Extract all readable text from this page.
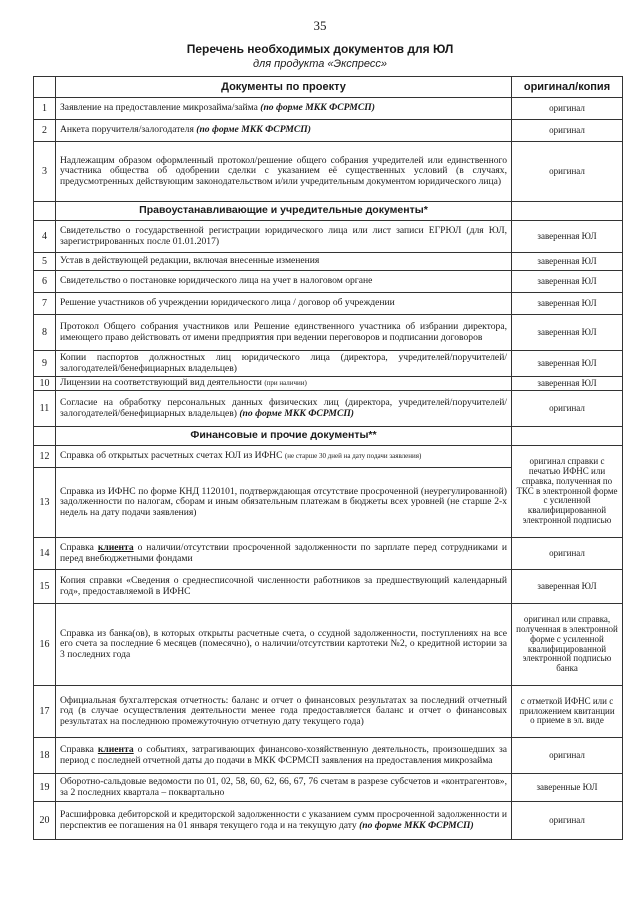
35
Перечень необходимых документов для ЮЛ
для продукта «Экспресс»
	Документы по проекту	оригинал/копия
1	Заявление на предоставление микрозайма/займа (по форме МКК ФСРМСП)	оригинал
2	Анкета поручителя/залогодателя (по форме МКК ФСРМСП)	оригинал
3	Надлежащим образом оформленный протокол/решение общего собрания учредителей или единственного участника общества об одобрении сделки с указанием её существенных условий (в случаях, предусмотренных действующим законодательством и/или учредительным документом юридического лица)	оригинал
	Правоустанавливающие и учредительные документы*	
4	Свидетельство о государственной регистрации юридического лица или лист записи ЕГРЮЛ (для ЮЛ, зарегистрированных после 01.01.2017)	заверенная ЮЛ
5	Устав в действующей редакции, включая внесенные изменения	заверенная ЮЛ
6	Свидетельство о постановке юридического лица на учет в налоговом органе	заверенная ЮЛ
7	Решение участников об учреждении юридического лица / договор об учреждении	заверенная ЮЛ
8	Протокол Общего собрания участников или Решение единственного участника об избрании директора, имеющего право действовать от имени предприятия при ведении переговоров и подписании договоров	заверенная ЮЛ
9	Копии паспортов должностных лиц юридического лица (директора, учредителей/поручителей/залогодателей/бенефициарных владельцев)	заверенная ЮЛ
10	Лицензии на соответствующий вид деятельности (при наличии)	заверенная ЮЛ
11	Согласие на обработку персональных данных физических лиц (директора, учредителей/поручителей/залогодателей/бенефициарных владельцев) (по форме МКК ФСРМСП)	оригинал
	Финансовые и прочие документы**	
12	Справка об открытых расчетных счетах ЮЛ из ИФНС (не старше 30 дней на дату подачи заявления)	оригинал справки с печатью ИФНС или справка, полученная по ТКС в электронной форме с усиленной квалифицированной электронной подписью
13	Справка из ИФНС по форме КНД 1120101, подтверждающая отсутствие просроченной (неурегулированной) задолженности по налогам, сборам и иным обязательным платежам в бюджеты всех уровней (не старше 2-х недель на дату подачи заявления)	
14	Справка клиента о наличии/отсутствии просроченной задолженности по зарплате перед сотрудниками и перед внебюджетными фондами	оригинал
15	Копия справки «Сведения о среднесписочной численности работников за предшествующий календарный год», предоставляемой в ИФНС	заверенная ЮЛ
16	Справка из банка(ов), в которых открыты расчетные счета, о ссудной задолженности, поступлениях на все его счета за последние 6 месяцев (помесячно), о наличии/отсутствии картотеки №2, о кредитной истории за 3 последних года	оригинал или справка, полученная в электронной форме с усиленной квалифицированной электронной подписью банка
17	Официальная бухгалтерская отчетность: баланс и отчет о финансовых результатах за последний отчетный год (в случае осуществления деятельности менее года предоставляется баланс и отчет о финансовых результатах на последнюю промежуточную отчетную дату текущего года)	с отметкой ИФНС или с приложением квитанции о приеме в эл. виде
18	Справка клиента о событиях, затрагивающих финансово-хозяйственную деятельность, произошедших за период с последней отчетной даты до подачи в МКК ФСРМСП заявления на предоставления микрозайма	оригинал
19	Оборотно-сальдовые ведомости по 01, 02, 58, 60, 62, 66, 67, 76 счетам в разрезе субсчетов и «контрагентов», за 2 последних квартала – поквартально	заверенные ЮЛ
20	Расшифровка дебиторской и кредиторской задолженности с указанием сумм просроченной задолженности и перспектив ее погашения на 01 января текущего года и на текущую дату (по форме МКК ФСРМСП)	оригинал
